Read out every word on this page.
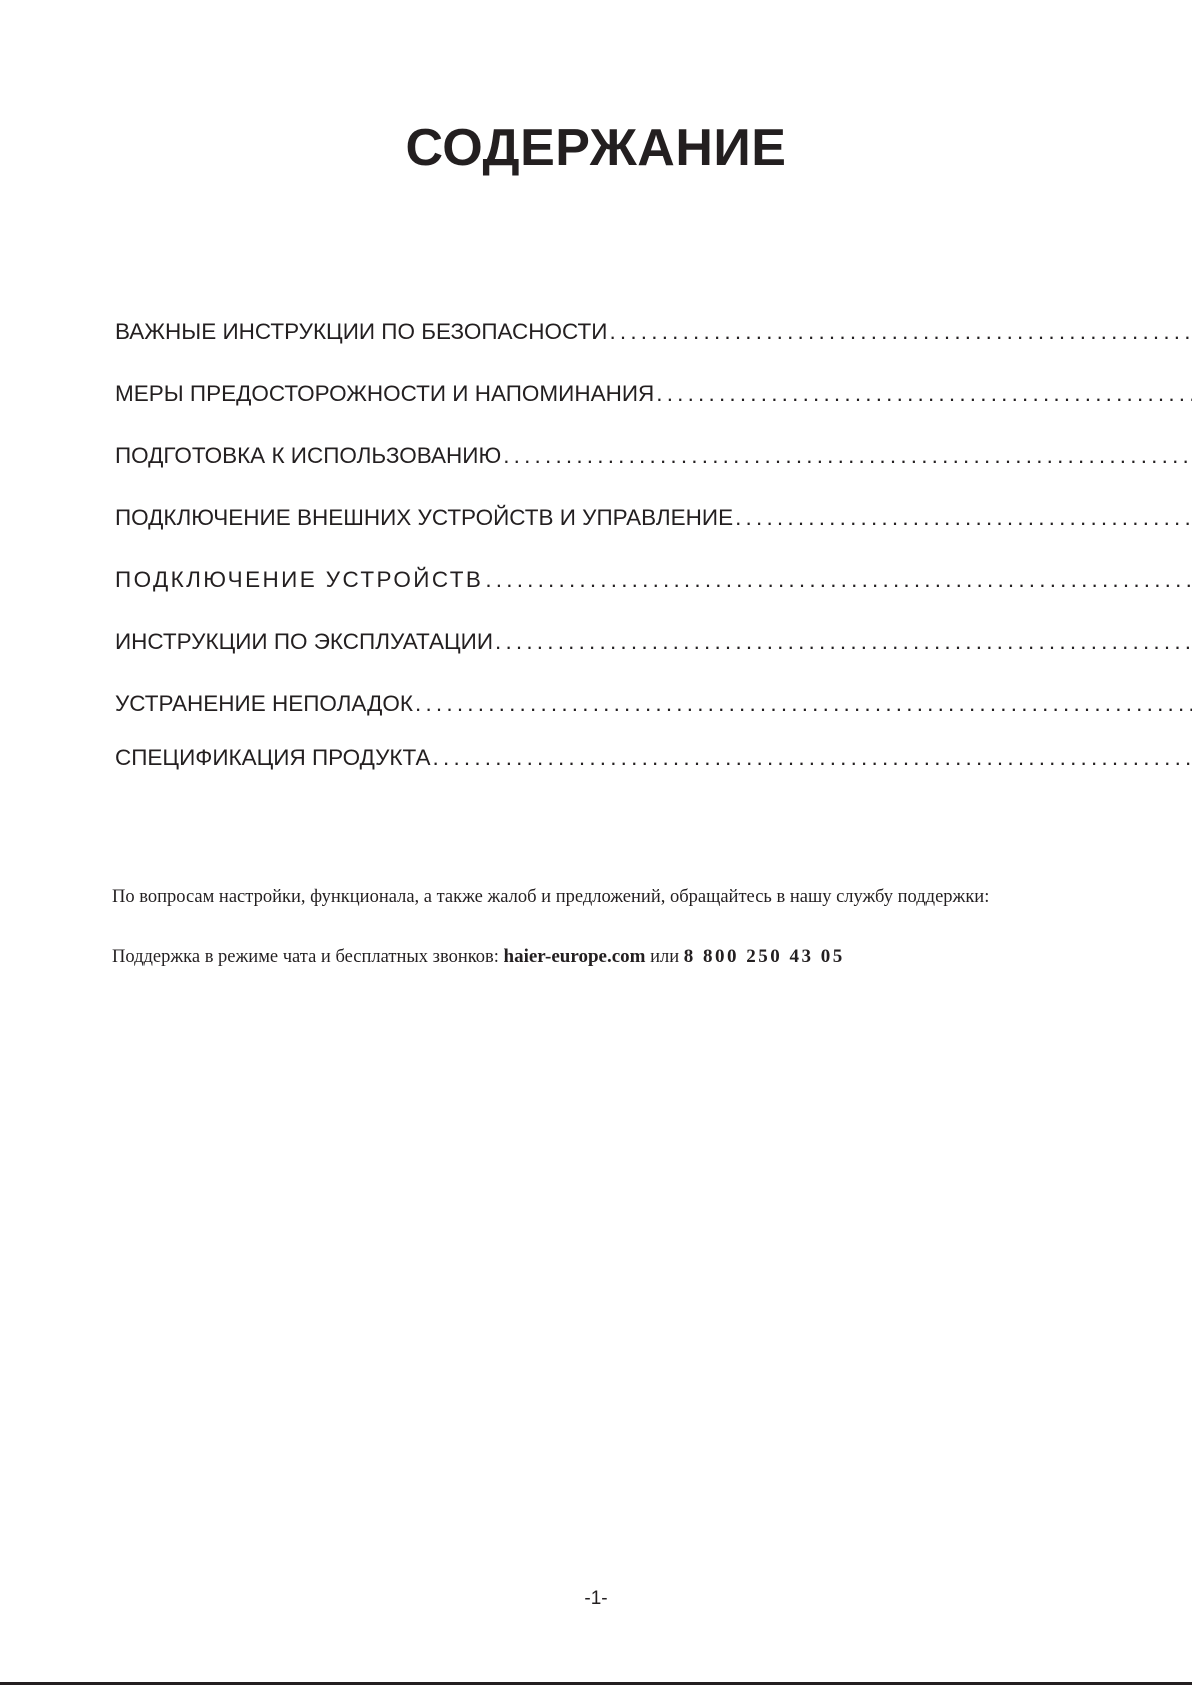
СОДЕРЖАНИЕ
ВАЖНЫЕ ИНСТРУКЦИИ ПО БЕЗОПАСНОСТИ
.....
МЕРЫ ПРЕДОСТОРОЖНОСТИ И НАПОМИНАНИЯ
.....
ПОДГОТОВКА К ИСПОЛЬЗОВАНИЮ
.....
ПОДКЛЮЧЕНИЕ ВНЕШНИХ УСТРОЙСТВ И УПРАВЛЕНИЕ
.....
ПОДКЛЮЧЕНИЕ УСТРОЙСТВ
.....
ИНСТРУКЦИИ ПО ЭКСПЛУАТАЦИИ
.....
УСТРАНЕНИЕ НЕПОЛАДОК
.....
СПЕЦИФИКАЦИЯ ПРОДУКТА
.....

По вопросам настройки, функционала, а также жалоб и предложений, обращайтесь в нашу службу поддержки:

Поддержка в режиме чата и бесплатных звонков: haier-europe.com или 8 800 250 43 05

-1-
